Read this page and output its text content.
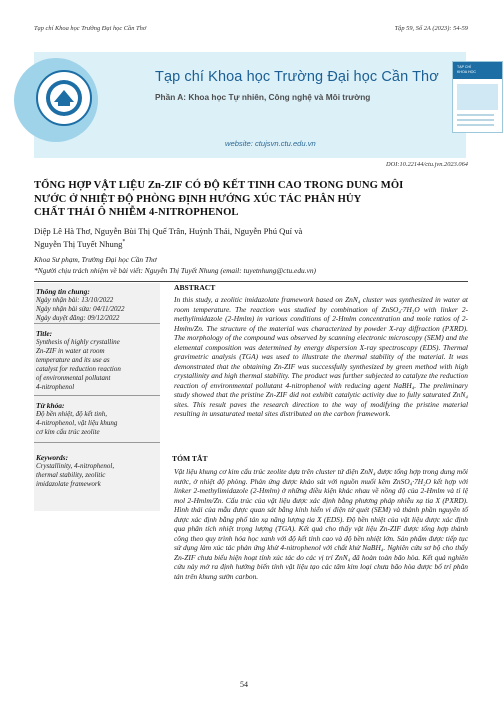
Tạp chí Khoa học Trường Đại học Cần Thơ	Tập 59, Số 2A (2023): 54-59
Tạp chí Khoa học Trường Đại học Cần Thơ
Phần A: Khoa học Tự nhiên, Công nghệ và Môi trường
website: ctujsvn.ctu.edu.vn
TẠP CHÍ
KHOA HỌC
DOI:10.22144/ctu.jvn.2023.064
TỔNG HỢP VẬT LIỆU Zn-ZIF CÓ ĐỘ KẾT TINH CAO TRONG DUNG MÔI
NƯỚC Ở NHIỆT ĐỘ PHÒNG ĐỊNH HƯỚNG XÚC TÁC PHÂN HỦY
CHẤT THẢI Ô NHIỄM 4-NITROPHENOL
Diệp Lê Hà Thơ, Nguyễn Bùi Thị Quế Trân, Huỳnh Thái, Nguyễn Phú Quí và
Nguyễn Thị Tuyết Nhung*
Khoa Sư phạm, Trường Đại học Cần Thơ
*Người chịu trách nhiệm về bài viết: Nguyễn Thị Tuyết Nhung (email: tuyetnhung@ctu.edu.vn)
Thông tin chung:
Ngày nhận bài: 13/10/2022
Ngày nhận bài sửa: 04/11/2022
Ngày duyệt đăng: 09/12/2022
Title:
Synthesis of highly crystalline
Zn-ZIF in water at room
temperature and its use as
catalyst for reduction reaction
of environmental pollutant
4-nitrophenol
Từ khóa:
Độ bền nhiệt, độ kết tinh,
4-nitrophenol, vật liệu khung
cơ kim cấu trúc zeolite
Keywords:
Crystallinity, 4-nitrophenol,
thermal stability, zeolitic
imidazolate framework
ABSTRACT
In this study, a zeolitic imidazolate framework based on ZnN₄ cluster was synthesized in water at room temperature. The reaction was studied by combination of ZnSO₄·7H₂O with linker 2-methylimidazole (2-Hmlm) in various conditions of 2-Hmlm concentration and mole ratios of 2-Hmlm/Zn. The structure of the material was characterized by powder X-ray diffraction (PXRD). The morphology of the compound was observed by scanning electronic microscopy (SEM) and the elemental composition was determined by energy dispersion X-ray spectroscopy (EDS). Thermal gravimetric analysis (TGA) was used to illustrate the thermal stability of the material. It was demonstrated that the obtaining Zn-ZIF was successfully synthesized by green method with high crystallinity and high thermal stability. The product was further subjected to catalyze the reduction reaction of environmental pollutant 4-nitrophenol with reducing agent NaBH₄. The preliminary study showed that the pristine Zn-ZIF did not exhibit catalytic activity due to fully saturated ZnN₄ sites. This result paves the research direction to the way of modifying the pristine material resulting in unsaturated metal sites distributed on the carbon framework.
TÓM TẮT
Vật liệu khung cơ kim cấu trúc zeolite dựa trên cluster tứ diện ZnN₄ được tổng hợp trong dung môi nước, ở nhiệt độ phòng. Phản ứng được khảo sát với nguồn muối kẽm ZnSO₄·7H₂O kết hợp với linker 2-methylimidazole (2-Hmlm) ở những điều kiện khác nhau về nồng độ của 2-Hmlm và tỉ lệ mol 2-Hmlm/Zn. Cấu trúc của vật liệu được xác định bằng phương pháp nhiễu xạ tia X (PXRD). Hình thái của mẫu được quan sát bằng kính hiển vi điện tử quét (SEM) và thành phần nguyên tố được xác định bằng phổ tán xạ năng lượng tia X (EDS). Độ bền nhiệt của vật liệu được xác định qua phân tích nhiệt trọng lượng (TGA). Kết quả cho thấy vật liệu Zn-ZIF được tổng hợp thành công theo quy trình hóa học xanh với độ kết tinh cao và độ bền nhiệt lớn. Sản phẩm được tiếp tục sử dụng làm xúc tác phản ứng khử 4-nitrophenol với chất khử NaBH₄. Nghiên cứu sơ bộ cho thấy Zn-ZIF chưa biểu hiện hoạt tính xúc tác do các vị trí ZnN₄ đã hoàn toàn bão hòa. Kết quả nghiên cứu này mở ra định hướng biến tính vật liệu tạo các tâm kim loại chưa bão hòa được bố trí phân tán trên khung sườn carbon.
54
